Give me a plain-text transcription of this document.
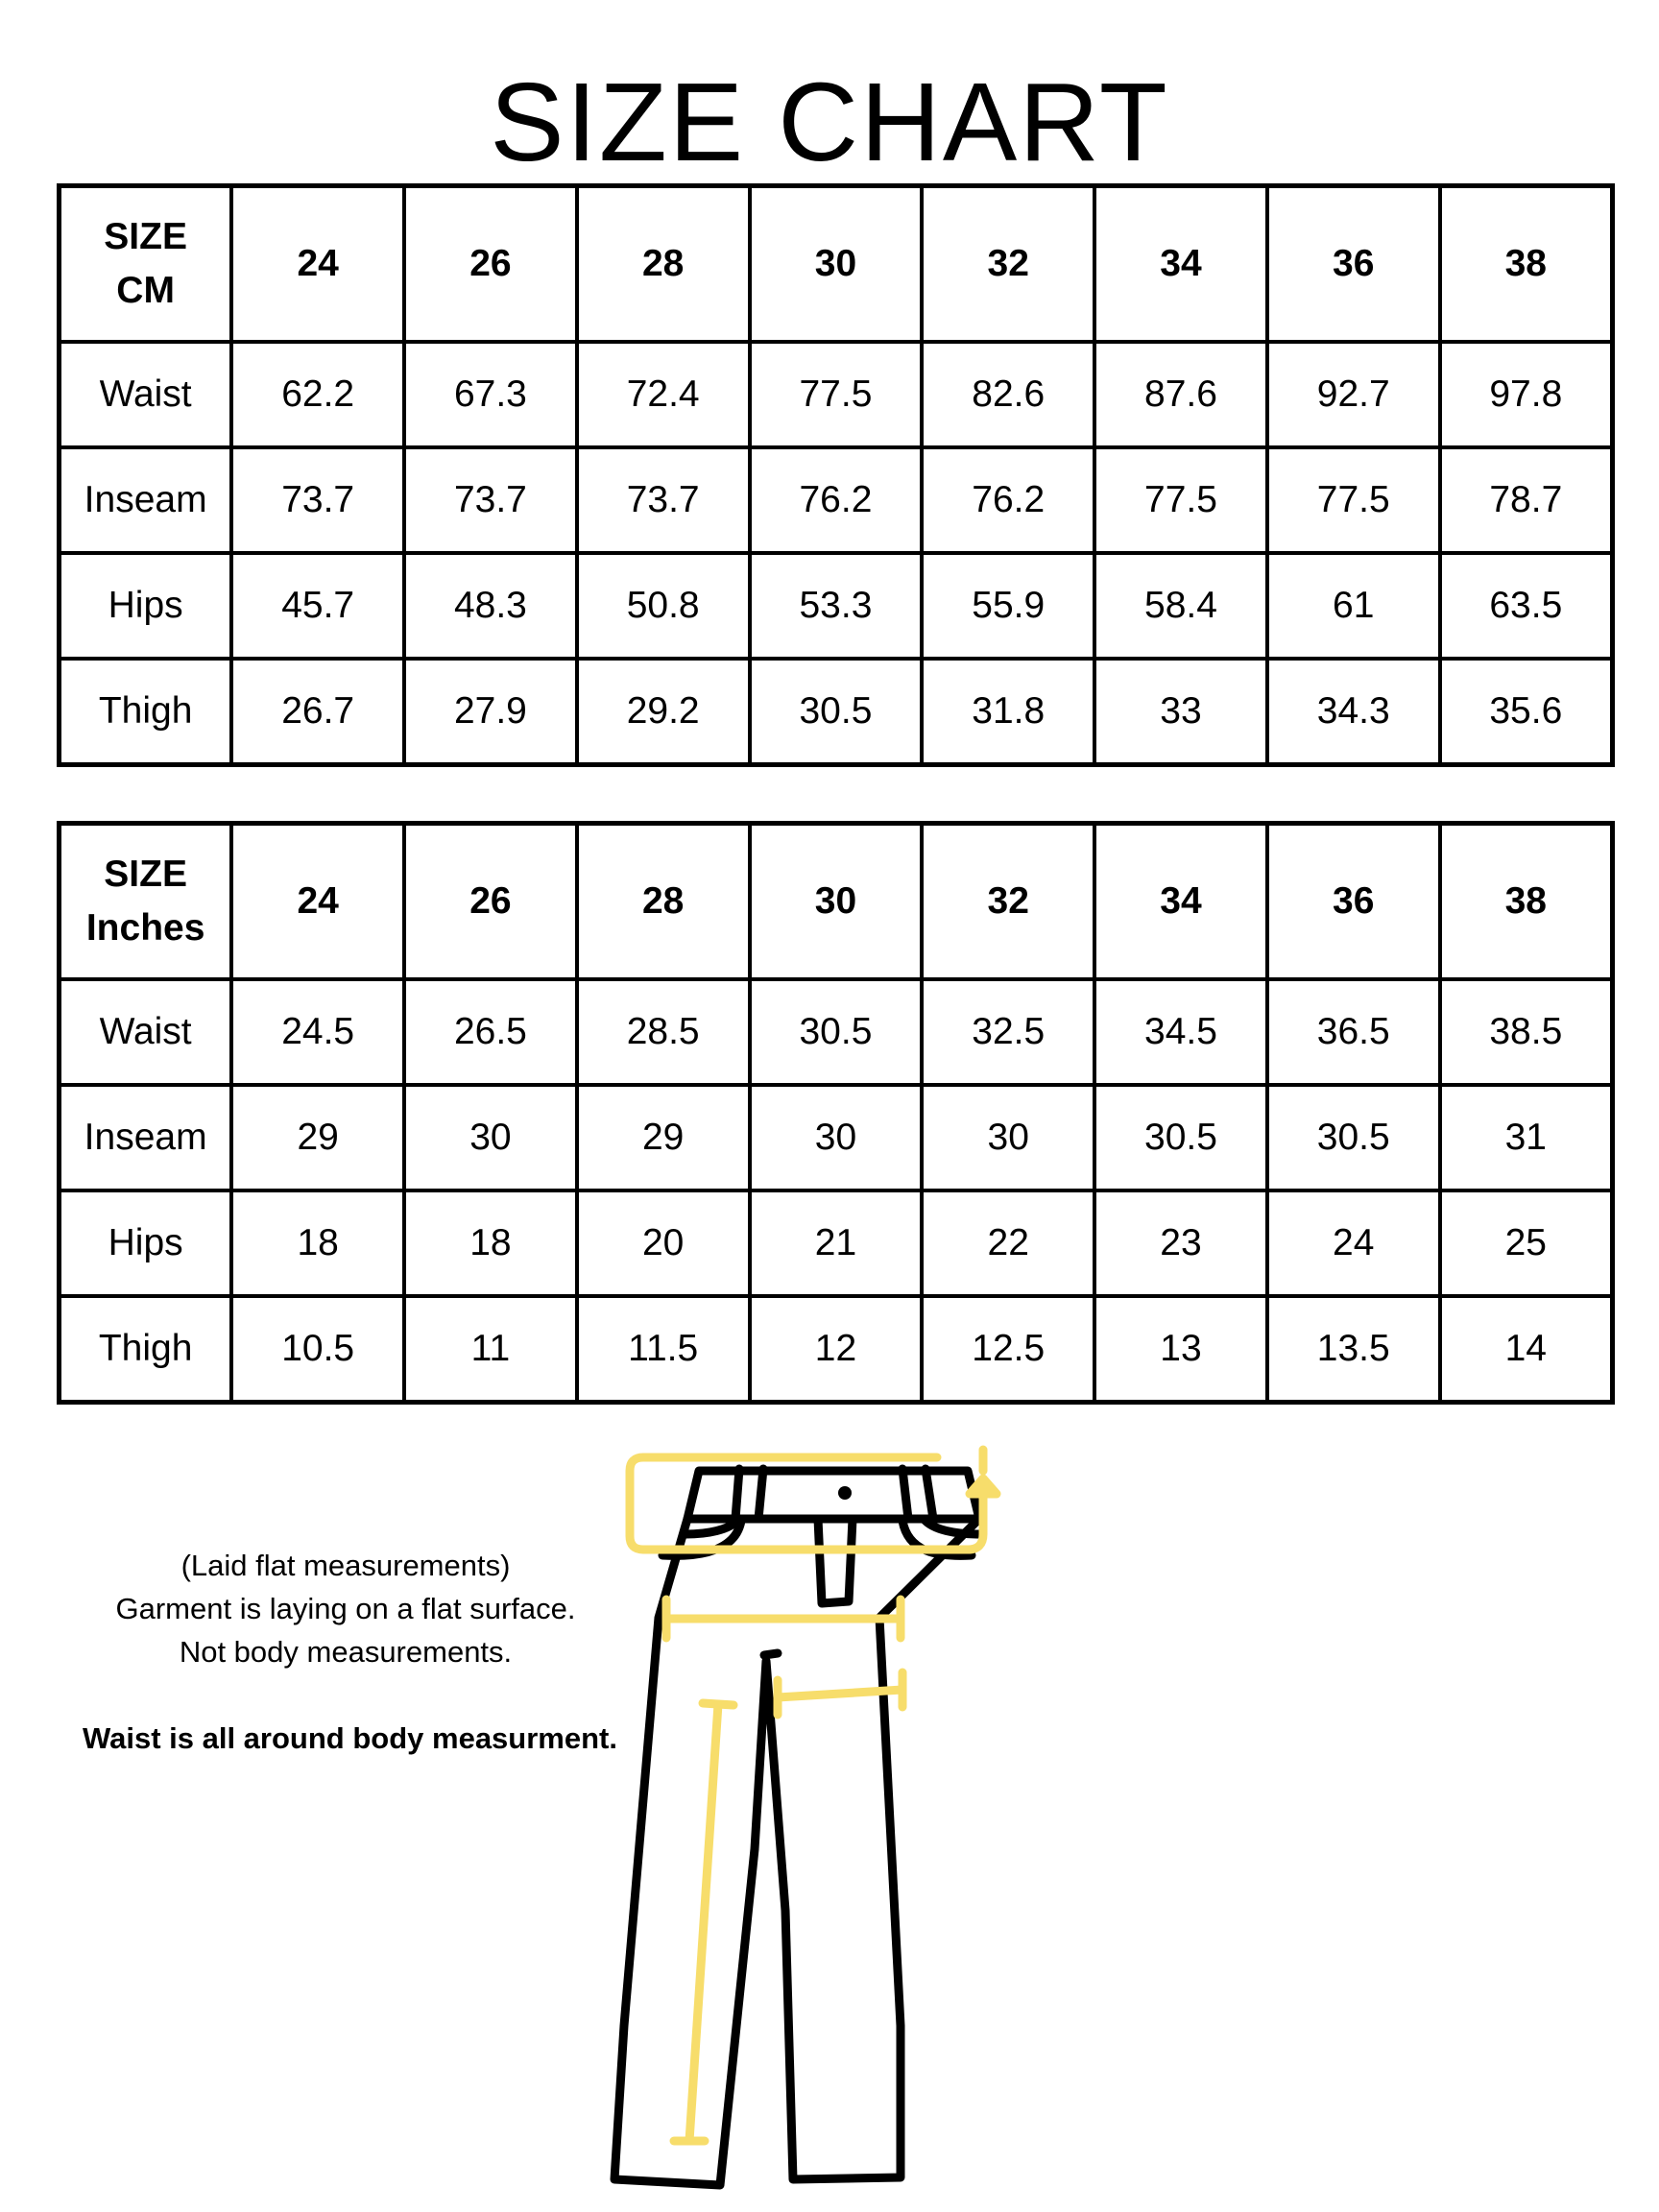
SIZE CHART
SIZE
CM	24	26	28	30	32	34	36	38
Waist	62.2	67.3	72.4	77.5	82.6	87.6	92.7	97.8
Inseam	73.7	73.7	73.7	76.2	76.2	77.5	77.5	78.7
Hips	45.7	48.3	50.8	53.3	55.9	58.4	61	63.5
Thigh	26.7	27.9	29.2	30.5	31.8	33	34.3	35.6
SIZE
Inches	24	26	28	30	32	34	36	38
Waist	24.5	26.5	28.5	30.5	32.5	34.5	36.5	38.5
Inseam	29	30	29	30	30	30.5	30.5	31
Hips	18	18	20	21	22	23	24	25
Thigh	10.5	11	11.5	12	12.5	13	13.5	14
(Laid flat measurements)
Garment is laying on a flat surface.
Not body measurements.
Waist is all around body measurment.
